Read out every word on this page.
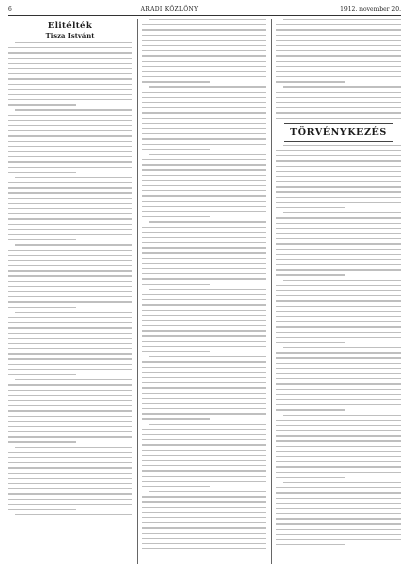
6	ARADI KÖZLÖNY	1912. november 20.
Elitélték
Tisza Istvánt
TÖRVÉNYKEZÉS
